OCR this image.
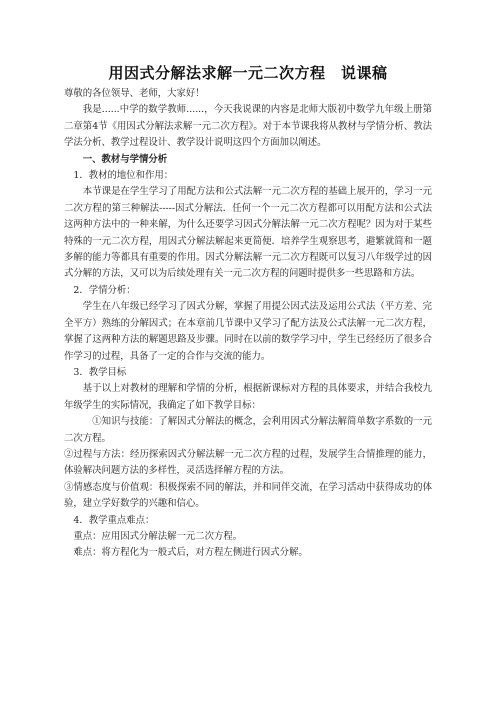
用因式分解法求解一元二次方程　说课稿

尊敬的各位领导、老师，大家好！

我是......中学的数学教师......，今天我说课的内容是北师大版初中数学九年级上册第二章第4节《用因式分解法求解一元二次方程》。对于本节课我将从教材与学情分析、教法学法分析、教学过程设计、教学设计说明这四个方面加以阐述。

一、教材与学情分析

1．教材的地位和作用：

本节课是在学生学习了用配方法和公式法解一元二次方程的基础上展开的，学习一元二次方程的第三种解法-----因式分解法．任何一个一元二次方程都可以用配方法和公式法这两种方法中的一种来解，为什么还要学习因式分解法解一元二次方程呢？因为对于某些特殊的一元二次方程，用因式分解法解起来更简便．培养学生观察思考，避繁就简和一题多解的能力等都具有重要的作用。因式分解法解一元二次方程既可以复习八年级学过的因式分解的方法，又可以为后续处理有关一元二次方程的问题时提供多一些思路和方法。

2．学情分析：

学生在八年级已经学习了因式分解，掌握了用提公因式法及运用公式法（平方差、完全平方）熟练的分解因式；在本章前几节课中又学习了配方法及公式法解一元二次方程，掌握了这两种方法的解题思路及步骤。同时在以前的数学学习中，学生已经经历了很多合作学习的过程，具备了一定的合作与交流的能力。

3．教学目标

基于以上对教材的理解和学情的分析，根据新课标对方程的具体要求，并结合我校九年级学生的实际情况，我确定了如下教学目标：

①知识与技能：了解因式分解法的概念，会利用因式分解法解简单数字系数的一元二次方程。

②过程与方法：经历探索因式分解法解一元二次方程的过程，发展学生合情推理的能力，体验解决问题方法的多样性，灵活选择解方程的方法。

③情感态度与价值观：积极探索不同的解法，并和同伴交流，在学习活动中获得成功的体验，建立学好数学的兴趣和信心。

4．教学重点难点：

重点：应用因式分解法解一元二次方程。

难点：将方程化为一般式后，对方程左侧进行因式分解。
